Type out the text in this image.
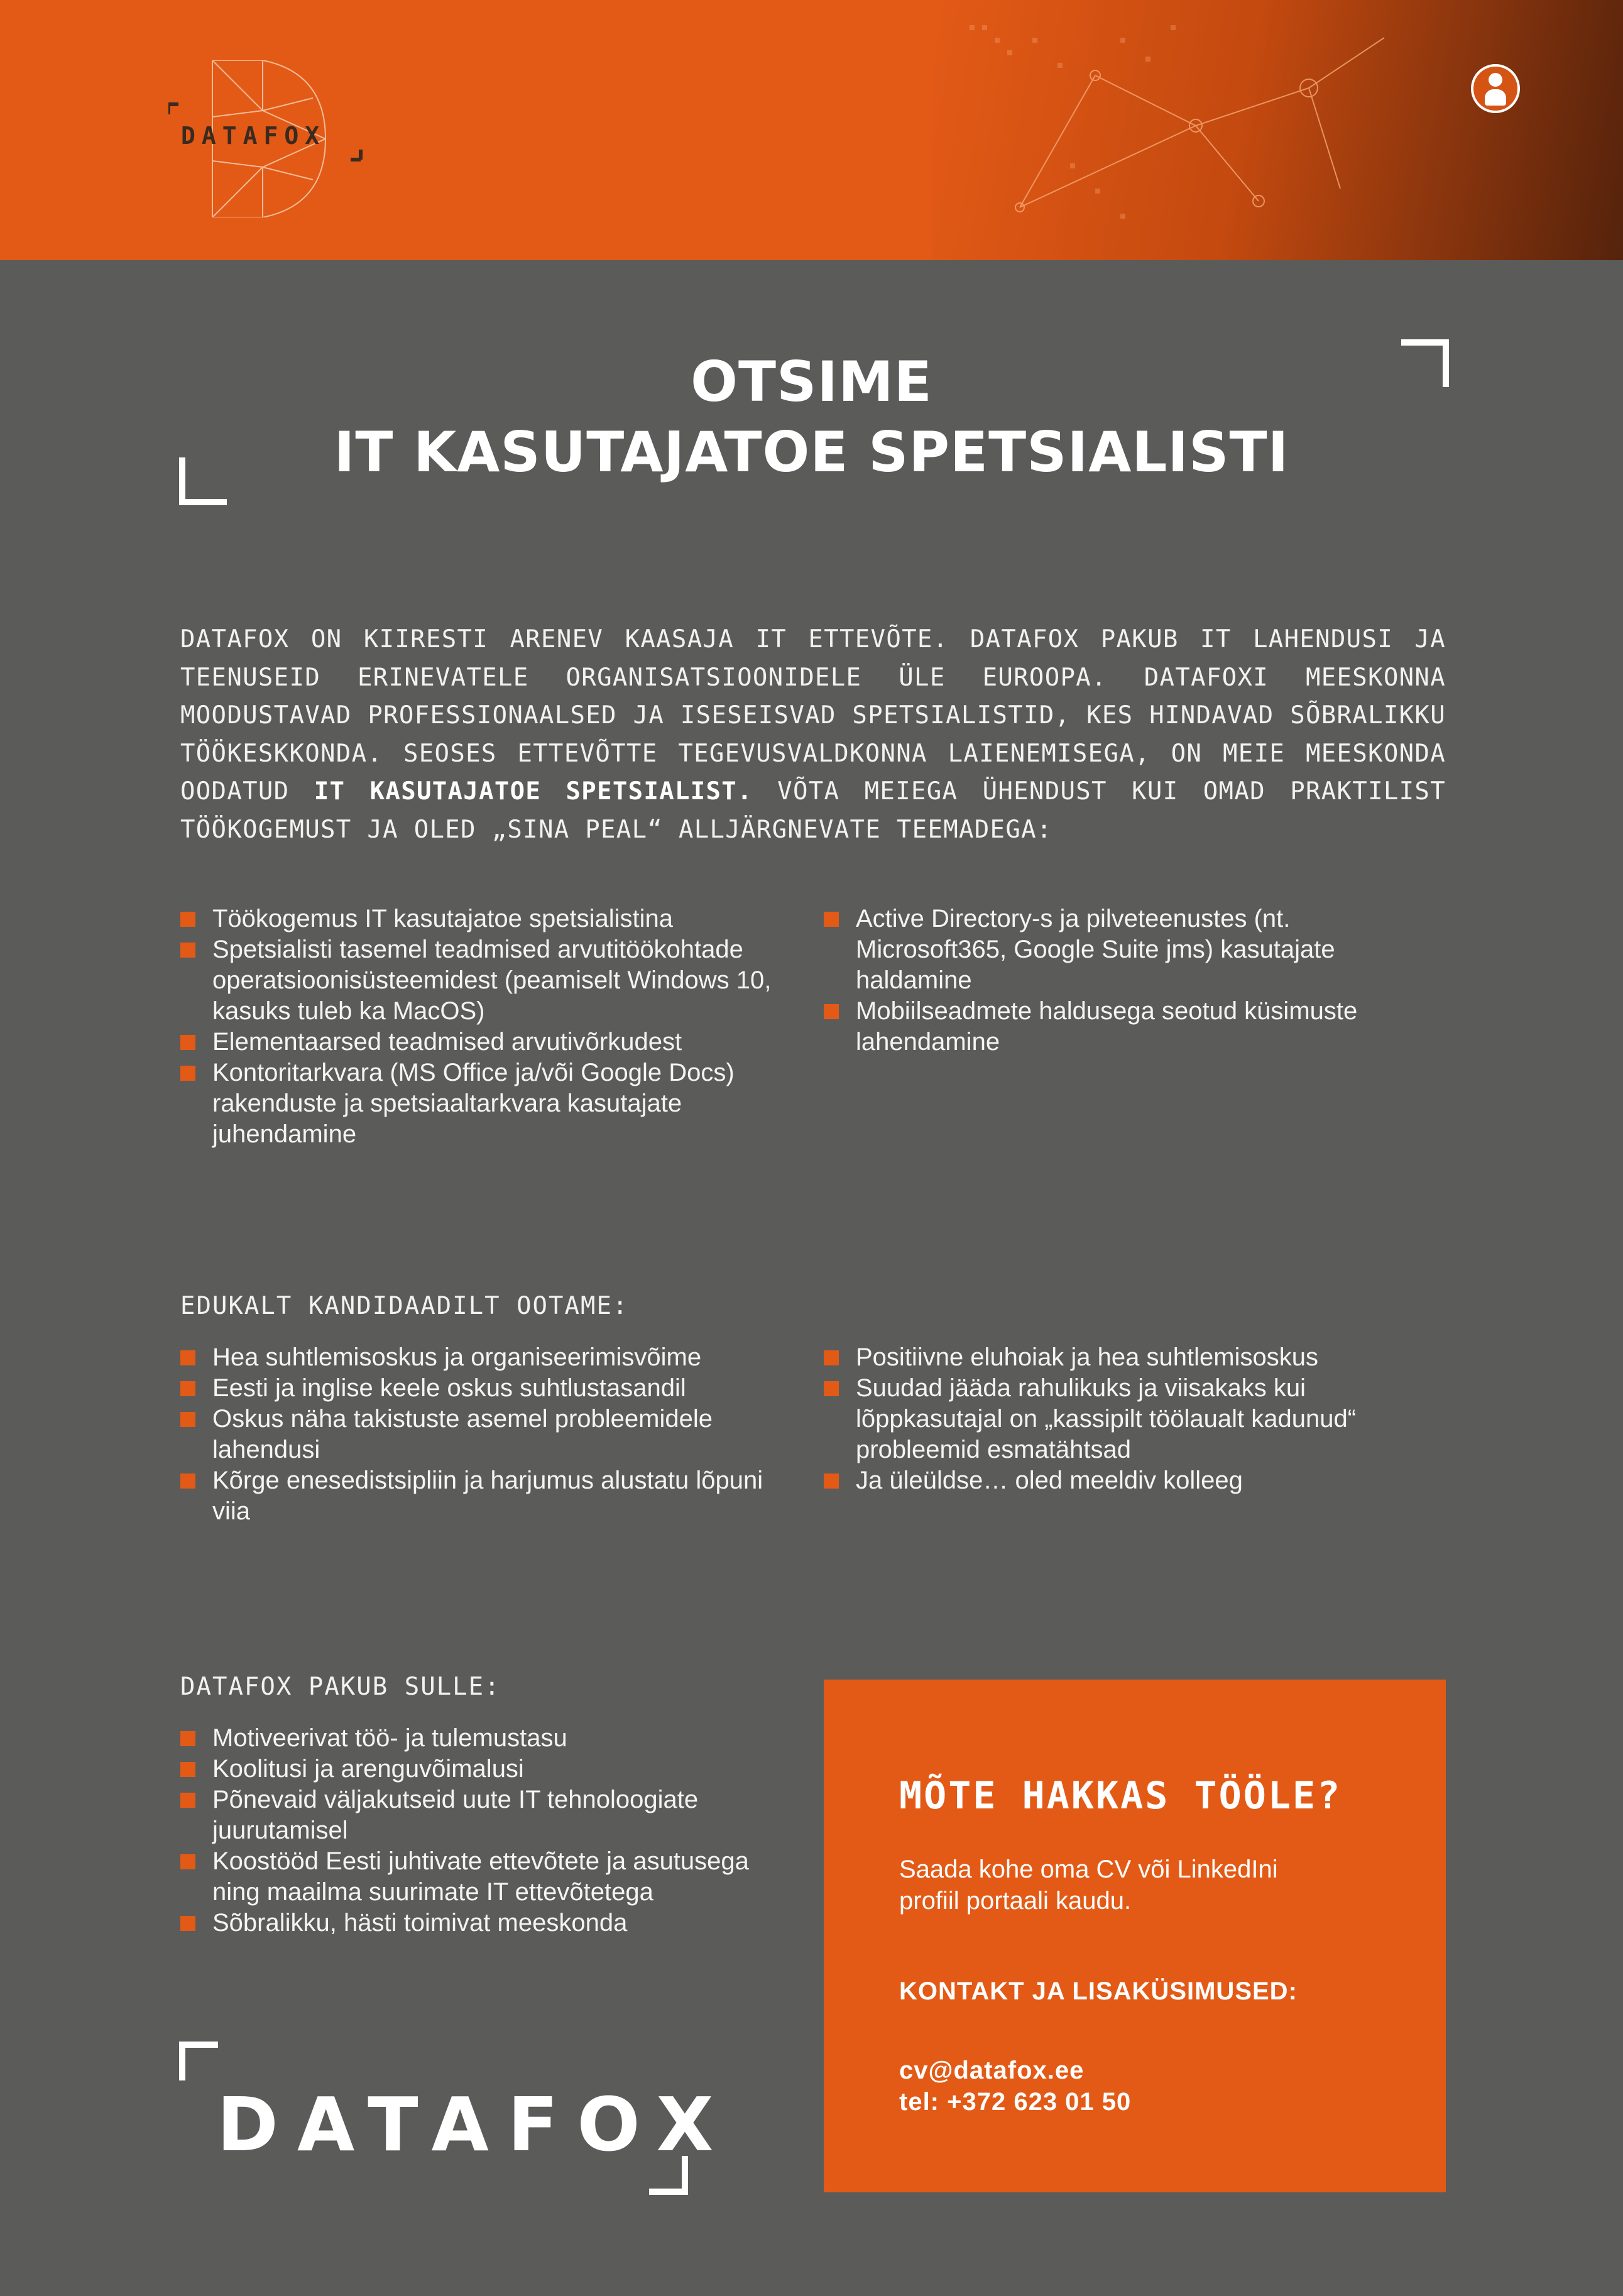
DATAFOX
OTSIME
IT KASUTAJATOE SPETSIALISTI
DATAFOX ON KIIRESTI ARENEV KAASAJA IT ETTEVÕTE. DATAFOX PAKUB IT LAHENDUSI JA TEENUSEID ERINEVATELE ORGANISATSIOONIDELE ÜLE EUROOPA. DATAFOXI MEESKONNA MOODUSTAVAD PROFESSIONAALSED JA ISESEISVAD SPETSIALISTID, KES HINDAVAD SÕBRALIKKU TÖÖKESKKONDA. SEOSES ETTEVÕTTE TEGEVUSVALDKONNA LAIENEMISEGA, ON MEIE MEESKONDA OODATUD IT KASUTAJATOE SPETSIALIST. VÕTA MEIEGA ÜHENDUST KUI OMAD PRAKTILIST TÖÖKOGEMUST JA OLED „SINA PEAL“ ALLJÄRGNEVATE TEEMADEGA:
Töökogemus IT kasutajatoe spetsialistina
Spetsialisti tasemel teadmised arvutitöökohtade operatsioonisüsteemidest (peamiselt Windows 10, kasuks tuleb ka MacOS)
Elementaarsed teadmised arvutivõrkudest
Kontoritarkvara (MS Office ja/või Google Docs) rakenduste ja spetsiaaltarkvara kasutajate juhendamine
Active Directory-s ja pilveteenustes (nt. Microsoft365, Google Suite jms) kasutajate haldamine
Mobiilseadmete haldusega seotud küsimuste lahendamine
EDUKALT KANDIDAADILT OOTAME:
Hea suhtlemisoskus ja organiseerimisvõime
Eesti ja inglise keele oskus suhtlustasandil
Oskus näha takistuste asemel probleemidele lahendusi
Kõrge enesedistsipliin ja harjumus alustatu lõpuni viia
Positiivne eluhoiak ja hea suhtlemisoskus
Suudad jääda rahulikuks ja viisakaks kui lõppkasutajal on „kassipilt töölaualt kadunud“ probleemid esmatähtsad
Ja üleüldse… oled meeldiv kolleeg
DATAFOX PAKUB SULLE:
Motiveerivat töö- ja tulemustasu
Koolitusi ja arenguvõimalusi
Põnevaid väljakutseid uute IT tehnoloogiate juurutamisel
Koostööd Eesti juhtivate ettevõtete ja asutusega ning maailma suurimate IT ettevõtetega
Sõbralikku, hästi toimivat meeskonda
MÕTE HAKKAS TÖÖLE?
Saada kohe oma CV või LinkedIni profiil portaali kaudu.
KONTAKT JA LISAKÜSIMUSED:
cv@datafox.ee
tel: +372 623 01 50
DATAFOX
